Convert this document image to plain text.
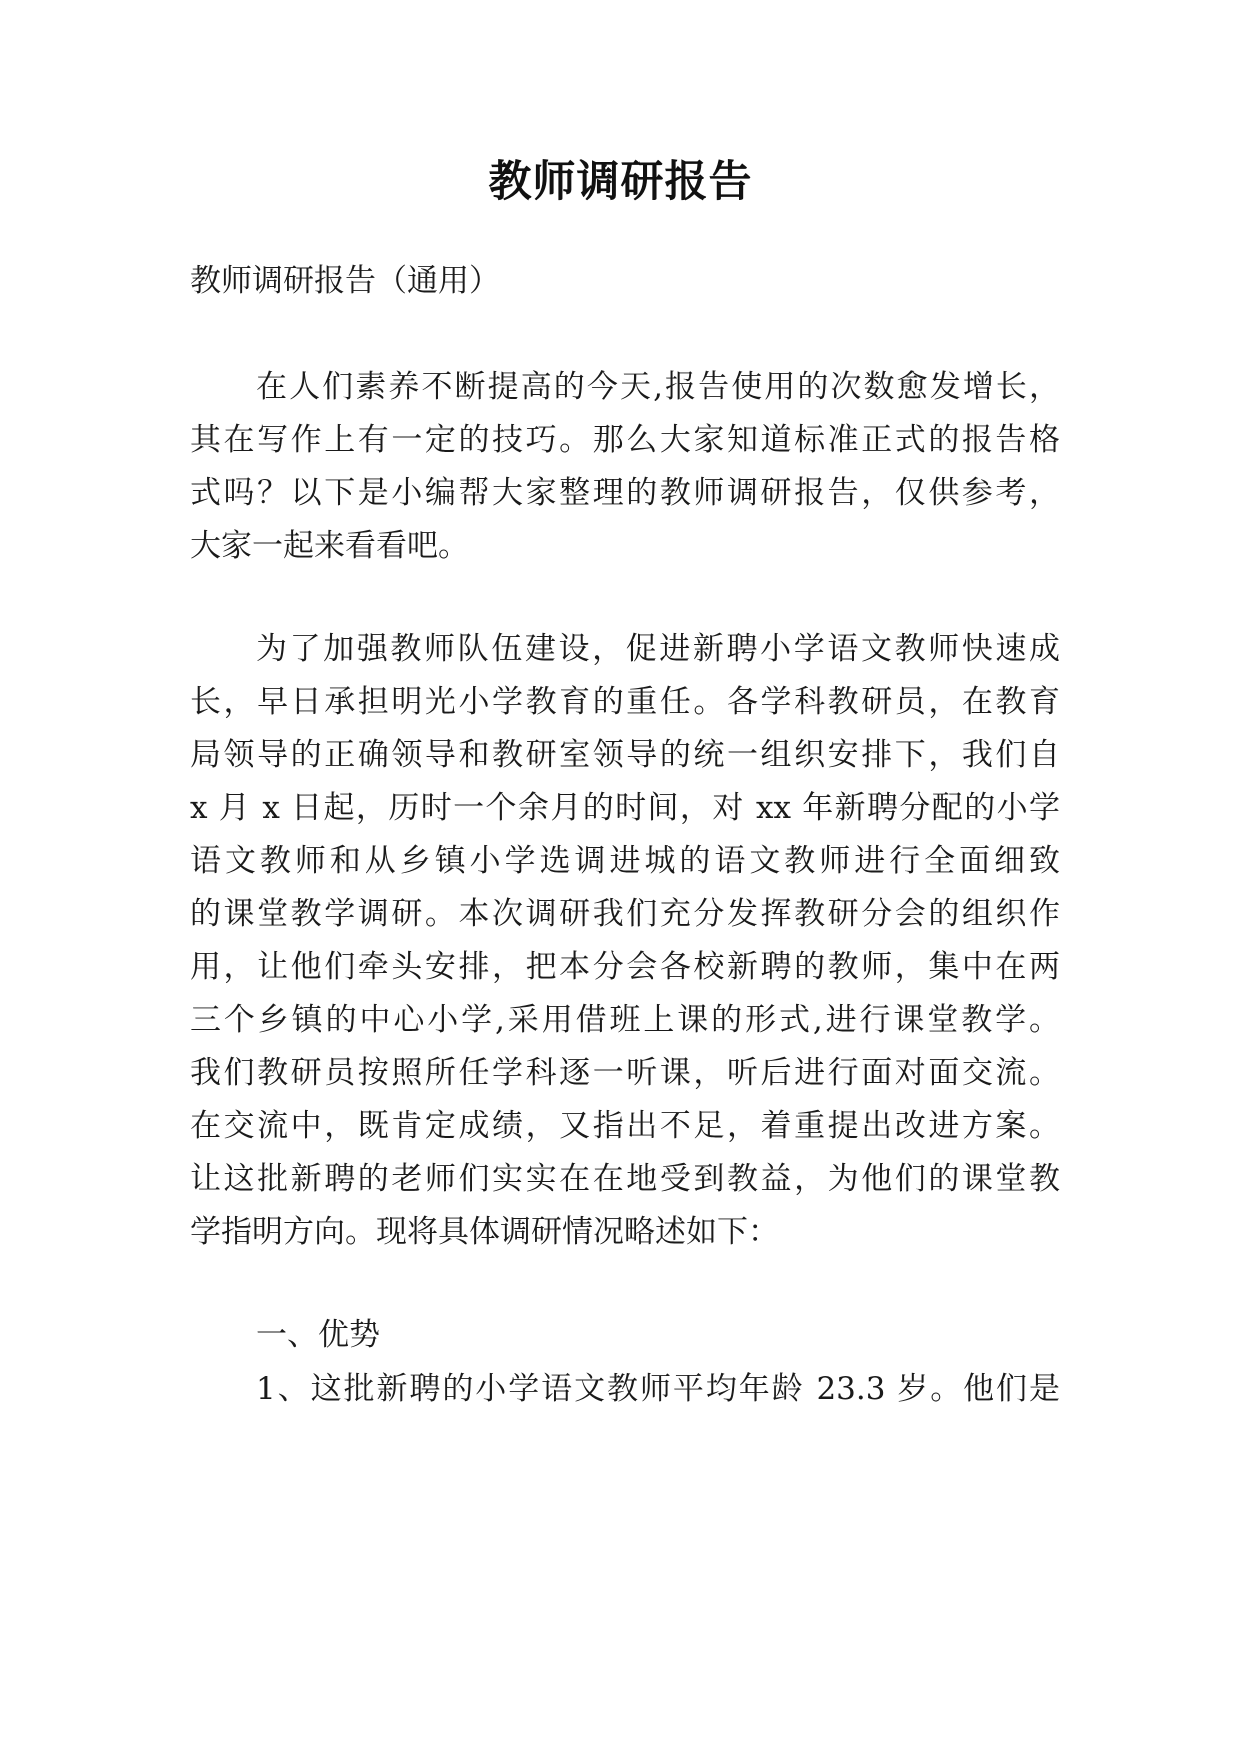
教师调研报告
教师调研报告（通用）
在人们素养不断提高的今天,报告使用的次数愈发增长，
其在写作上有一定的技巧。那么大家知道标准正式的报告格
式吗？以下是小编帮大家整理的教师调研报告，仅供参考，
大家一起来看看吧。
为了加强教师队伍建设，促进新聘小学语文教师快速成
长，早日承担明光小学教育的重任。各学科教研员，在教育
局领导的正确领导和教研室领导的统一组织安排下，我们自
x 月 x 日起，历时一个余月的时间，对 xx 年新聘分配的小学
语文教师和从乡镇小学选调进城的语文教师进行全面细致
的课堂教学调研。本次调研我们充分发挥教研分会的组织作
用，让他们牵头安排，把本分会各校新聘的教师，集中在两
三个乡镇的中心小学,采用借班上课的形式,进行课堂教学。
我们教研员按照所任学科逐一听课，听后进行面对面交流。
在交流中，既肯定成绩，又指出不足，着重提出改进方案。
让这批新聘的老师们实实在在地受到教益，为他们的课堂教
学指明方向。现将具体调研情况略述如下：
一、优势
1、这批新聘的小学语文教师平均年龄 23.3 岁。他们是
